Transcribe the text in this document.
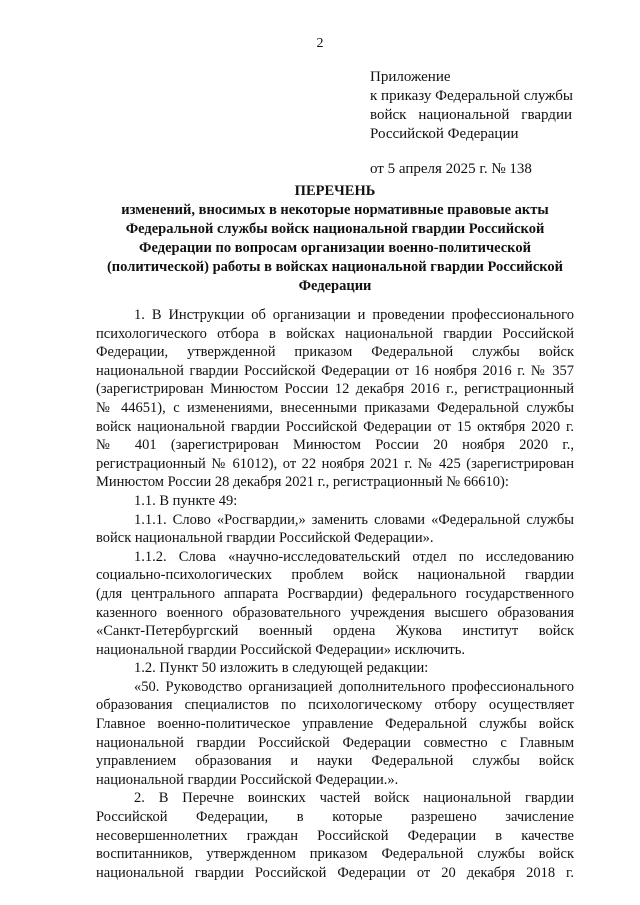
2
Приложение
к приказу Федеральной службы
войск национальной гвардии
Российской Федерации
от 5 апреля 2025 г. № 138
ПЕРЕЧЕНЬ
изменений, вносимых в некоторые нормативные правовые акты
Федеральной службы войск национальной гвардии Российской
Федерации по вопросам организации военно-политической
(политической) работы в войсках национальной гвардии Российской
Федерации
1. В Инструкции об организации и проведении профессионального
психологического отбора в войсках национальной гвардии Российской
Федерации, утвержденной приказом Федеральной службы войск
национальной гвардии Российской Федерации от 16 ноября 2016 г. № 357
(зарегистрирован Минюстом России 12 декабря 2016 г., регистрационный
№ 44651), с изменениями, внесенными приказами Федеральной службы
войск национальной гвардии Российской Федерации от 15 октября 2020 г.
№ 401 (зарегистрирован Минюстом России 20 ноября 2020 г.,
регистрационный № 61012), от 22 ноября 2021 г. № 425 (зарегистрирован
Минюстом России 28 декабря 2021 г., регистрационный № 66610):
1.1. В пункте 49:
1.1.1. Слово «Росгвардии,» заменить словами «Федеральной службы
войск национальной гвардии Российской Федерации».
1.1.2. Слова «научно-исследовательский отдел по исследованию
социально-психологических проблем войск национальной гвардии
(для центрального аппарата Росгвардии) федерального государственного
казенного военного образовательного учреждения высшего образования
«Санкт-Петербургский военный ордена Жукова институт войск
национальной гвардии Российской Федерации» исключить.
1.2. Пункт 50 изложить в следующей редакции:
«50. Руководство организацией дополнительного профессионального
образования специалистов по психологическому отбору осуществляет
Главное военно-политическое управление Федеральной службы войск
национальной гвардии Российской Федерации совместно с Главным
управлением образования и науки Федеральной службы войск
национальной гвардии Российской Федерации.».
2. В Перечне воинских частей войск национальной гвардии
Российской Федерации, в которые разрешено зачисление
несовершеннолетних граждан Российской Федерации в качестве
воспитанников, утвержденном приказом Федеральной службы войск
национальной гвардии Российской Федерации от 20 декабря 2018 г.
